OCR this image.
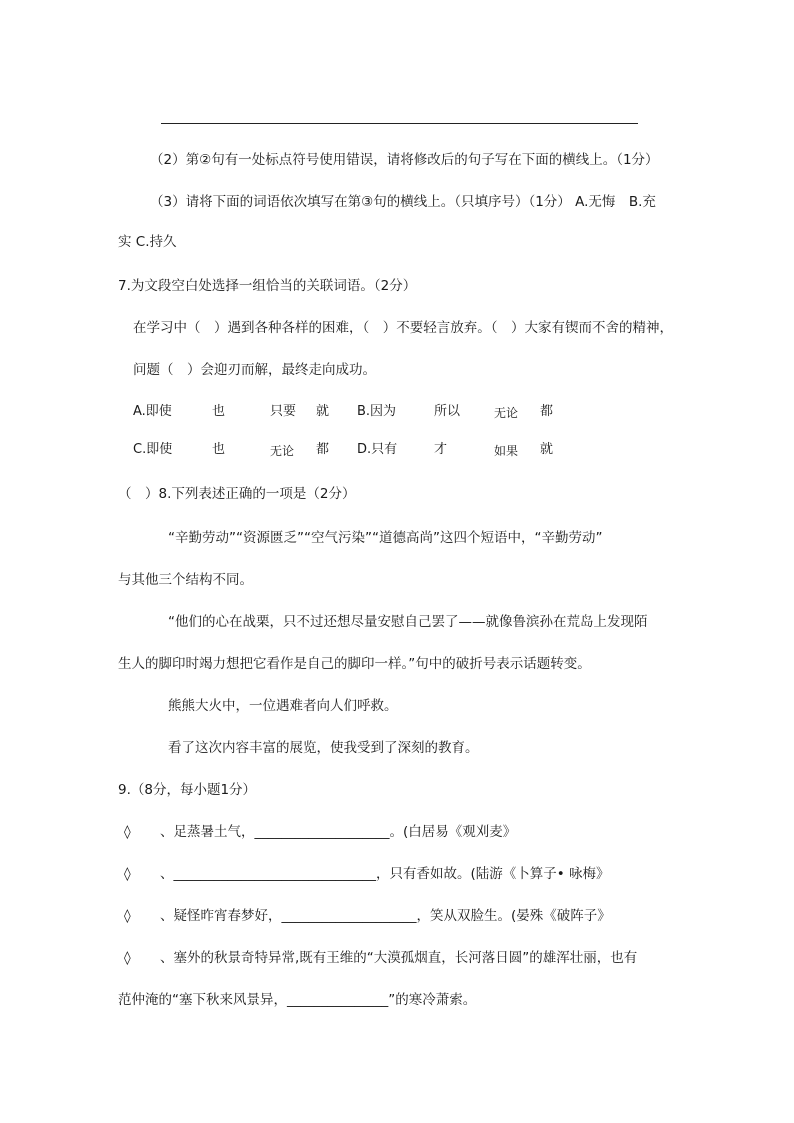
（2）第②句有一处标点符号使用错误，请将修改后的句子写在下面的横线上。（1分）
（3）请将下面的词语依次填写在第③句的横线上。（只填序号）（1分） A.无悔　B.充
实 C.持久
7.为文段空白处选择一组恰当的关联词语。（2分）
在学习中（　）遇到各种各样的困难，（　）不要轻言放弃。（　）大家有锲而不舍的精神，
问题（　）会迎刃而解，最终走向成功。
A.即使	也	只要 就 B.因为	所以	无论 都
C.即使	也	无论 都 D.只有	才	如果 就
（　）8.下列表述正确的一项是（2分）
“辛勤劳动”“资源匮乏”“空气污染”“道德高尚”这四个短语中，“辛勤劳动”
与其他三个结构不同。
“他们的心在战栗，只不过还想尽量安慰自己罢了——就像鲁滨孙在荒岛上发现陌
生人的脚印时竭力想把它看作是自己的脚印一样。”句中的破折号表示话题转变。
熊熊大火中，一位遇难者向人们呼救。
看了这次内容丰富的展览，使我受到了深刻的教育。
9.（8分，每小题1分）
◊ 、足蒸暑土气，____________________。(白居易《观刈麦》
◊ 、______________________________，只有香如故。(陆游《卜算子• 咏梅》
◊ 、疑怪昨宵春梦好，____________________，笑从双脸生。(晏殊《破阵子》
◊ 、塞外的秋景奇特异常,既有王维的“大漠孤烟直，长河落日圆”的雄浑壮丽，也有
范仲淹的“塞下秋来风景异，_______________”的寒冷萧索。
